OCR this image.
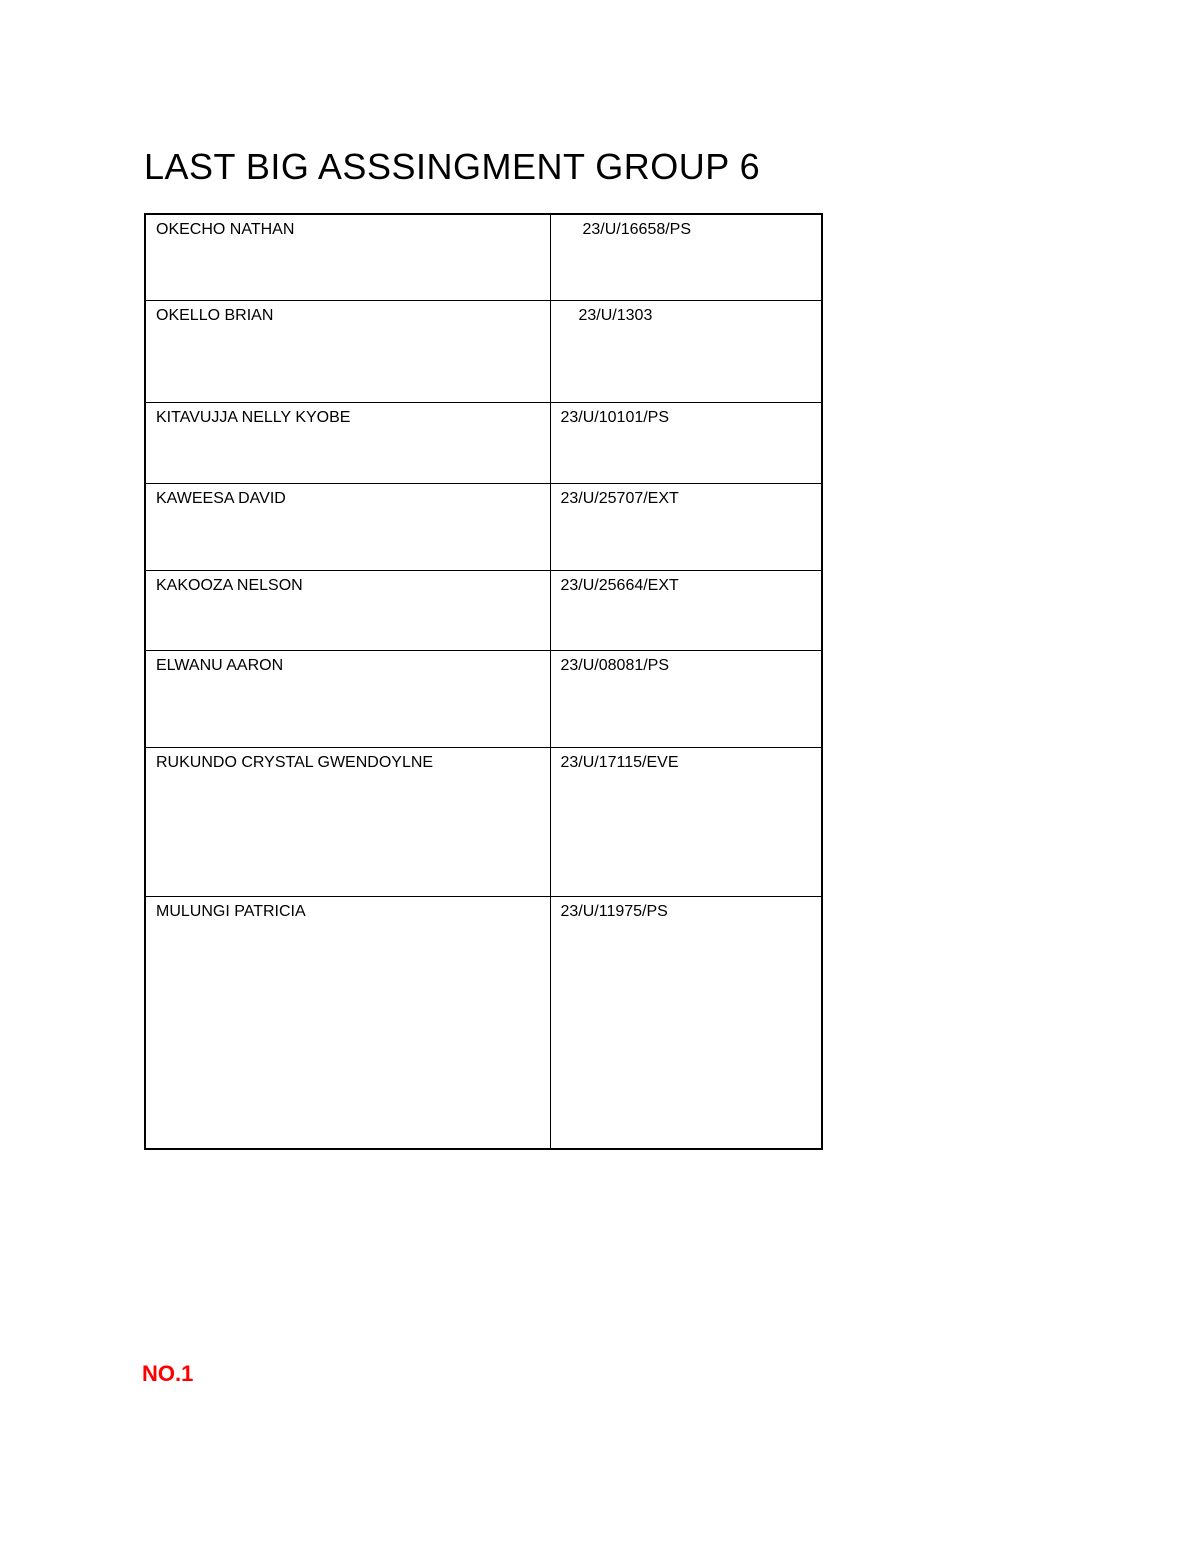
LAST BIG ASSSINGMENT GROUP 6
OKECHO NATHAN	23/U/16658/PS
OKELLO BRIAN	23/U/1303
KITAVUJJA NELLY KYOBE	23/U/10101/PS
KAWEESA DAVID	23/U/25707/EXT
KAKOOZA NELSON	23/U/25664/EXT
ELWANU AARON	23/U/08081/PS
RUKUNDO CRYSTAL GWENDOYLNE	23/U/17115/EVE
MULUNGI PATRICIA	23/U/11975/PS
NO.1
